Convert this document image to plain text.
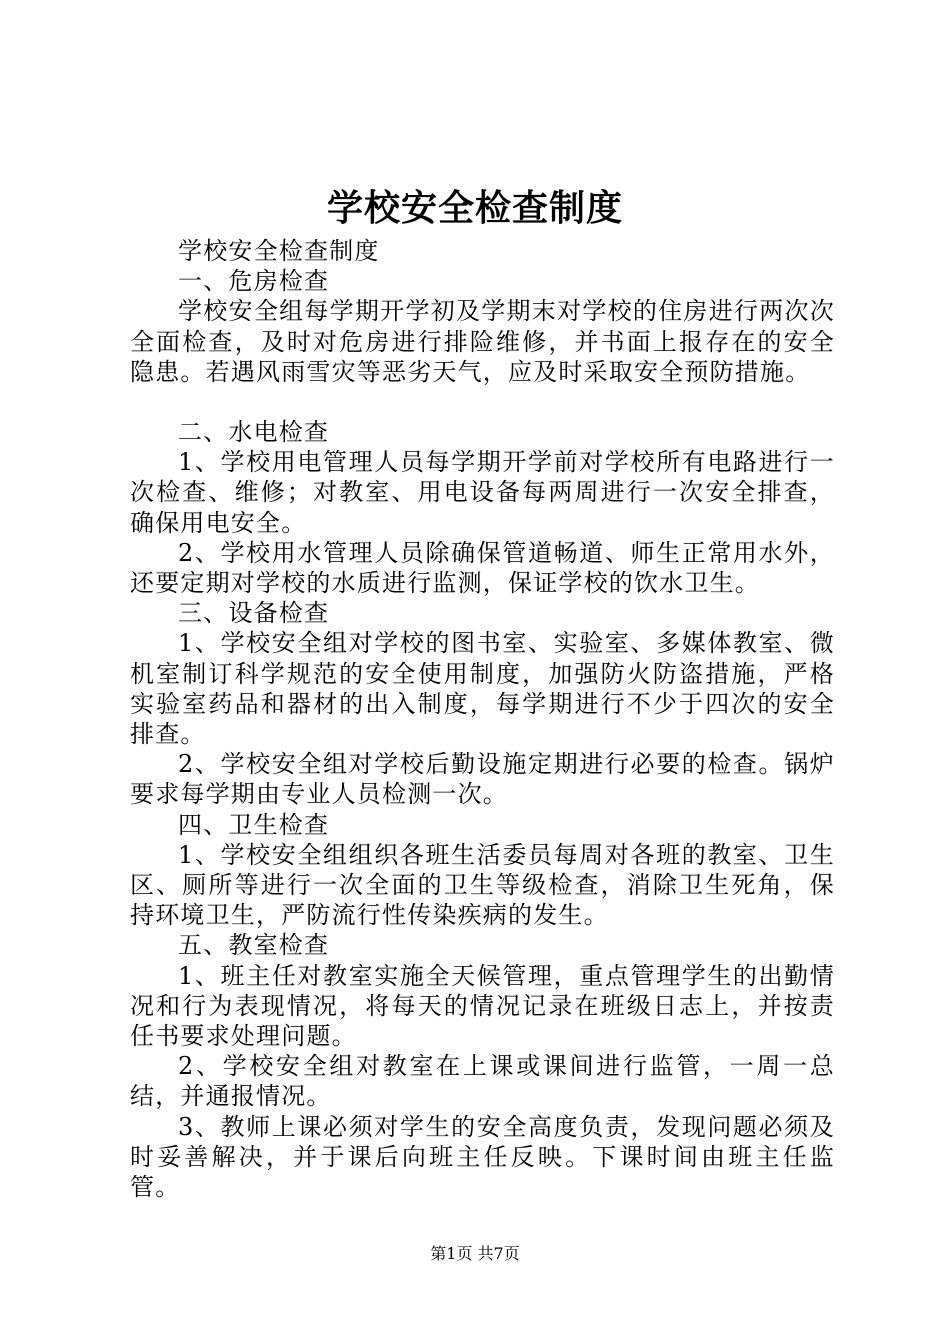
学校安全检查制度

学校安全检查制度

一、危房检查

学校安全组每学期开学初及学期末对学校的住房进行两次次全面检查，及时对危房进行排险维修，并书面上报存在的安全隐患。若遇风雨雪灾等恶劣天气，应及时采取安全预防措施。

二、水电检查

1、学校用电管理人员每学期开学前对学校所有电路进行一次检查、维修；对教室、用电设备每两周进行一次安全排查，确保用电安全。

2、学校用水管理人员除确保管道畅道、师生正常用水外，还要定期对学校的水质进行监测，保证学校的饮水卫生。

三、设备检查

1、学校安全组对学校的图书室、实验室、多媒体教室、微机室制订科学规范的安全使用制度，加强防火防盗措施，严格实验室药品和器材的出入制度，每学期进行不少于四次的安全排查。

2、学校安全组对学校后勤设施定期进行必要的检查。锅炉要求每学期由专业人员检测一次。

四、卫生检查

1、学校安全组组织各班生活委员每周对各班的教室、卫生区、厕所等进行一次全面的卫生等级检查，消除卫生死角，保持环境卫生，严防流行性传染疾病的发生。

五、教室检查

1、班主任对教室实施全天候管理，重点管理学生的出勤情况和行为表现情况，将每天的情况记录在班级日志上，并按责任书要求处理问题。

2、学校安全组对教室在上课或课间进行监管，一周一总结，并通报情况。

3、教师上课必须对学生的安全高度负责，发现问题必须及时妥善解决，并于课后向班主任反映。下课时间由班主任监管。

第1页 共7页
